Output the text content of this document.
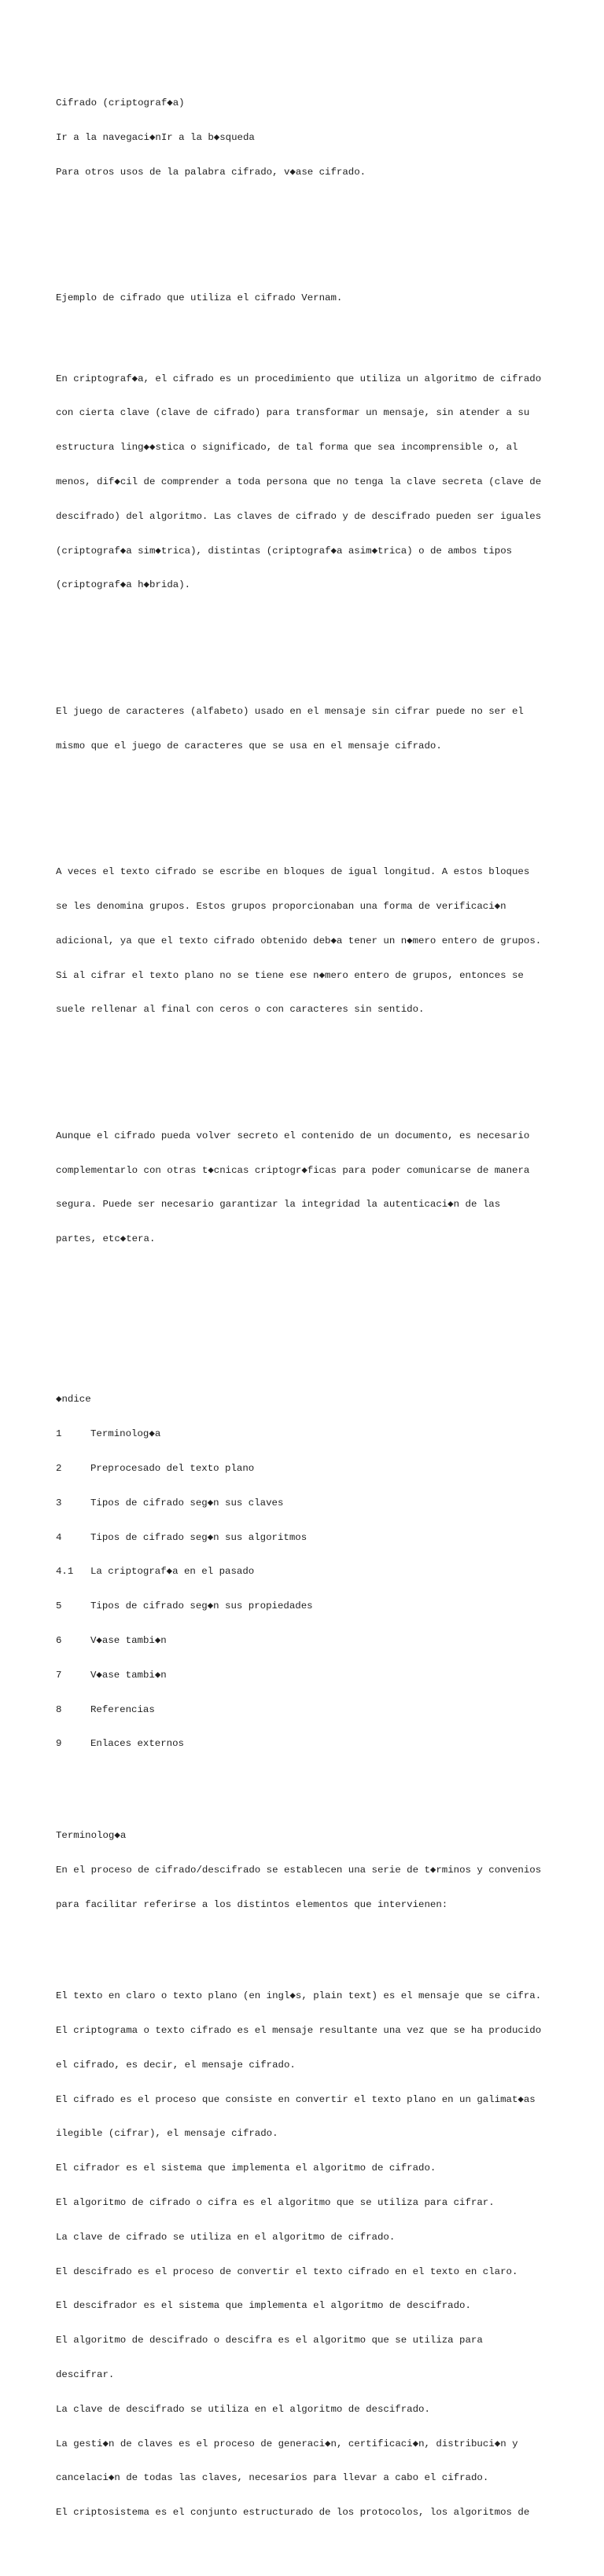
Cifrado (criptograf◆a)

Ir a la navegaci◆nIr a la b◆squeda

Para otros usos de la palabra cifrado, v◆ase cifrado.

Ejemplo de cifrado que utiliza el cifrado Vernam.

En criptograf◆a, el cifrado es un procedimiento que utiliza un algoritmo de cifrado

con cierta clave (clave de cifrado) para transformar un mensaje, sin atender a su

estructura ling◆◆stica o significado, de tal forma que sea incomprensible o, al

menos, dif◆cil de comprender a toda persona que no tenga la clave secreta (clave de

descifrado) del algoritmo. Las claves de cifrado y de descifrado pueden ser iguales

(criptograf◆a sim◆trica), distintas (criptograf◆a asim◆trica) o de ambos tipos

(criptograf◆a h◆brida).

El juego de caracteres (alfabeto) usado en el mensaje sin cifrar puede no ser el

mismo que el juego de caracteres que se usa en el mensaje cifrado.

A veces el texto cifrado se escribe en bloques de igual longitud. A estos bloques

se les denomina grupos. Estos grupos proporcionaban una forma de verificaci◆n

adicional, ya que el texto cifrado obtenido deb◆a tener un n◆mero entero de grupos.

Si al cifrar el texto plano no se tiene ese n◆mero entero de grupos, entonces se

suele rellenar al final con ceros o con caracteres sin sentido.

Aunque el cifrado pueda volver secreto el contenido de un documento, es necesario

complementarlo con otras t◆cnicas criptogr◆ficas para poder comunicarse de manera

segura. Puede ser necesario garantizar la integridad la autenticaci◆n de las

partes, etc◆tera.

◆ndice

1	Terminolog◆a

2	Preprocesado del texto plano

3	Tipos de cifrado seg◆n sus claves

4	Tipos de cifrado seg◆n sus algoritmos

4.1	La criptograf◆a en el pasado

5	Tipos de cifrado seg◆n sus propiedades

6	V◆ase tambi◆n

7	V◆ase tambi◆n

8	Referencias

9	Enlaces externos

Terminolog◆a

En el proceso de cifrado/descifrado se establecen una serie de t◆rminos y convenios

para facilitar referirse a los distintos elementos que intervienen:

El texto en claro o texto plano (en ingl◆s, plain text) es el mensaje que se cifra.

El criptograma o texto cifrado es el mensaje resultante una vez que se ha producido

el cifrado, es decir, el mensaje cifrado.

El cifrado es el proceso que consiste en convertir el texto plano en un galimat◆as

ilegible (cifrar), el mensaje cifrado.

El cifrador es el sistema que implementa el algoritmo de cifrado.

El algoritmo de cifrado o cifra es el algoritmo que se utiliza para cifrar.

La clave de cifrado se utiliza en el algoritmo de cifrado.

El descifrado es el proceso de convertir el texto cifrado en el texto en claro.

El descifrador es el sistema que implementa el algoritmo de descifrado.

El algoritmo de descifrado o descifra es el algoritmo que se utiliza para

descifrar.

La clave de descifrado se utiliza en el algoritmo de descifrado.

La gesti◆n de claves es el proceso de generaci◆n, certificaci◆n, distribuci◆n y

cancelaci◆n de todas las claves, necesarios para llevar a cabo el cifrado.

El criptosistema es el conjunto estructurado de los protocolos, los algoritmos de
